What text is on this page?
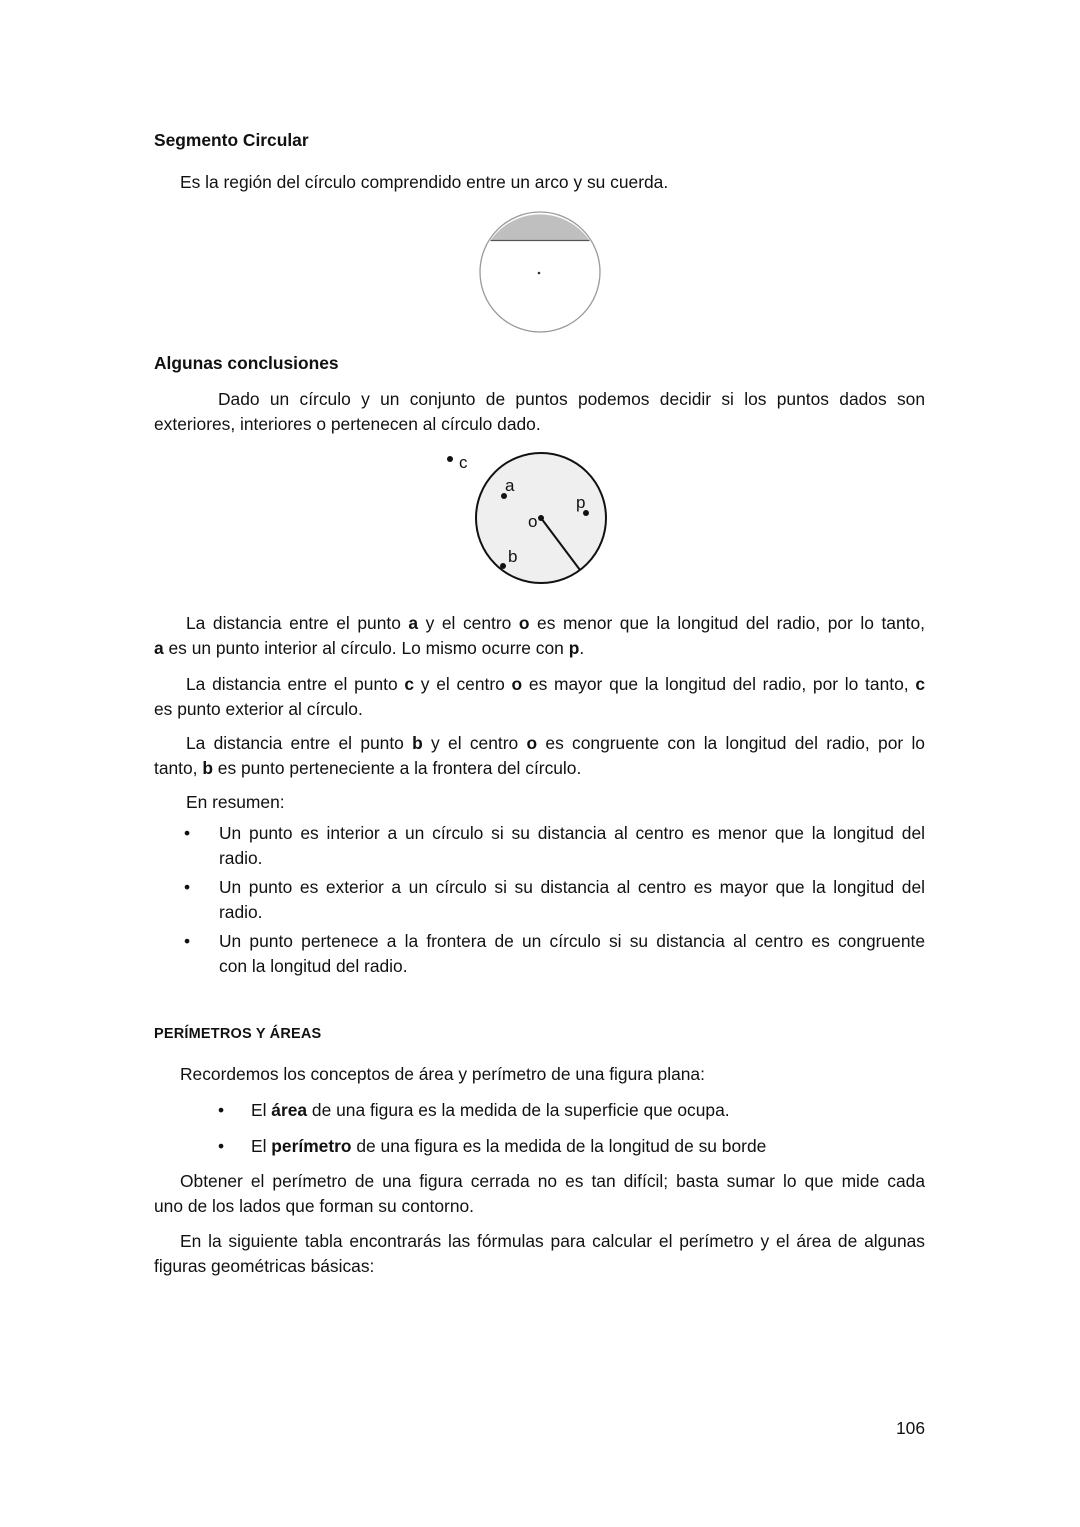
Segmento Circular
Es la región del círculo comprendido entre un arco y su cuerda.
Algunas conclusiones

Dado un círculo y un conjunto de puntos podemos decidir si los puntos dados son

exteriores, interiores o pertenecen al círculo dado.

c
a
p
o
b

La distancia entre el punto a y el centro o es menor que la longitud del radio, por lo tanto,

a es un punto interior al círculo. Lo mismo ocurre con p.

La distancia entre el punto c y el centro o es mayor que la longitud del radio, por lo tanto, c

es punto exterior al círculo.

La distancia entre el punto b y el centro o es congruente con la longitud del radio, por lo

tanto, b es punto perteneciente a la frontera del círculo.

En resumen:
• Un punto es interior a un círculo si su distancia al centro es menor que la longitud del

radio.

• Un punto es exterior a un círculo si su distancia al centro es mayor que la longitud del

radio.

• Un punto pertenece a la frontera de un círculo si su distancia al centro es congruente

con la longitud del radio.

PERÍMETROS Y ÁREAS
Recordemos los conceptos de área y perímetro de una figura plana:
• El área de una figura es la medida de la superficie que ocupa.
• El perímetro de una figura es la medida de la longitud de su borde

Obtener el perímetro de una figura cerrada no es tan difícil; basta sumar lo que mide cada

uno de los lados que forman su contorno.

En la siguiente tabla encontrarás las fórmulas para calcular el perímetro y el área de algunas

figuras geométricas básicas:

106
